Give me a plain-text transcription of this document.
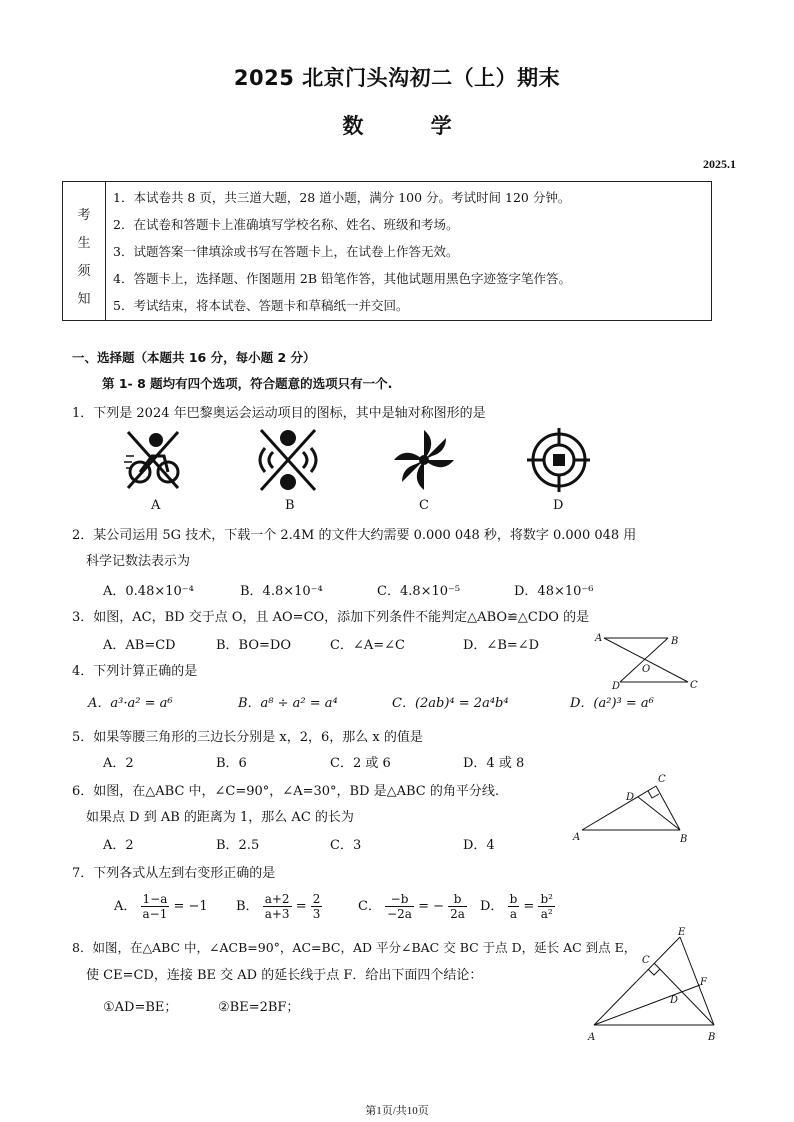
2025 北京门头沟初二（上）期末
数 学
2025.1
考
生
须
知
1．本试卷共 8 页，共三道大题，28 道小题，满分 100 分。考试时间 120 分钟。
2．在试卷和答题卡上准确填写学校名称、姓名、班级和考场。
3．试题答案一律填涂或书写在答题卡上，在试卷上作答无效。
4．答题卡上，选择题、作图题用 2B 铅笔作答，其他试题用黑色字迹签字笔作答。
5．考试结束，将本试卷、答题卡和草稿纸一并交回。
一、选择题（本题共 16 分，每小题 2 分）
第 1- 8 题均有四个选项，符合题意的选项只有一个.
1．下列是 2024 年巴黎奥运会运动项目的图标，其中是轴对称图形的是
A	B	C	D
2．某公司运用 5G 技术，下载一个 2.4M 的文件大约需要 0.000 048 秒，将数字 0.000 048 用
科学记数法表示为
A．0.48×10⁻⁴	B．4.8×10⁻⁴	C．4.8×10⁻⁵	D．48×10⁻⁶
3．如图，AC，BD 交于点 O，且 AO=CO，添加下列条件不能判定△ABO≌△CDO 的是
A．AB=CD	B．BO=DO	C．∠A=∠C	D．∠B=∠D	A	B
O
D	C
4．下列计算正确的是
A．a³·a² = a⁶	B．a⁸ ÷ a² = a⁴	C．(2ab)⁴ = 2a⁴b⁴	D．(a²)³ = a⁶
5．如果等腰三角形的三边长分别是 x，2，6，那么 x 的值是
A．2	B．6	C．2 或 6	D．4 或 8
6．如图，在△ABC 中，∠C=90°，∠A=30°，BD 是△ABC 的角平分线.
如果点 D 到 AB 的距离为 1，那么 AC 的长为
A．2	B．2.5	C．3	D．4
C
D
A	B
7．下列各式从左到右变形正确的是
A． $\frac{1-a}{a-1} = -1$ B． $\frac{a+2}{a+3} = \frac{2}{3}$	C． $\frac{-b}{-2a}$ = − $\frac{b}{2a}$ D． $\frac{b}{a} = \frac{\text{b²}}{\text{a²}}$
8．如图，在△ABC 中，∠ACB=90°，AC=BC，AD 平分∠BAC 交 BC 于点 D，延长 AC 到点 E，
使 CE=CD，连接 BE 交 AD 的延长线于点 F．给出下面四个结论：
①AD=BE；	②BE=2BF；
E
C
F
D
A	B
第1页/共10页
